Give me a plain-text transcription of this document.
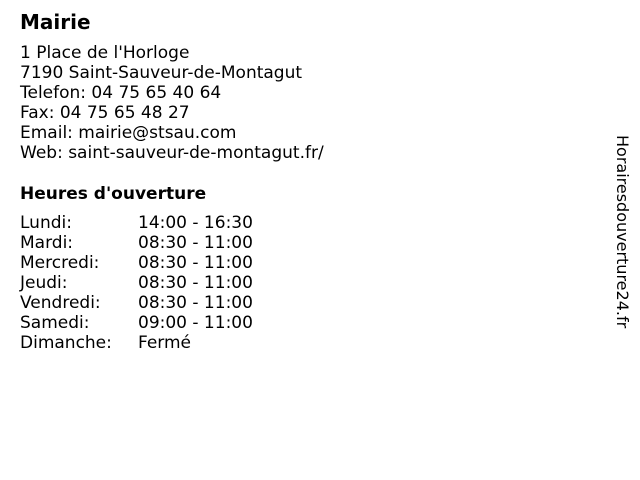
Mairie
1 Place de l'Horloge
7190 Saint-Sauveur-de-Montagut
Telefon: 04 75 65 40 64
Fax: 04 75 65 48 27
Email: mairie@stsau.com
Web: saint-sauveur-de-montagut.fr/
Heures d'ouverture
Lundi:	14:00 - 16:30
Mardi:	08:30 - 11:00
Mercredi: 08:30 - 11:00
Jeudi:	08:30 - 11:00
Vendredi: 08:30 - 11:00
Samedi:	09:00 - 11:00
Dimanche: Fermé
Horairesdouverture24.fr
